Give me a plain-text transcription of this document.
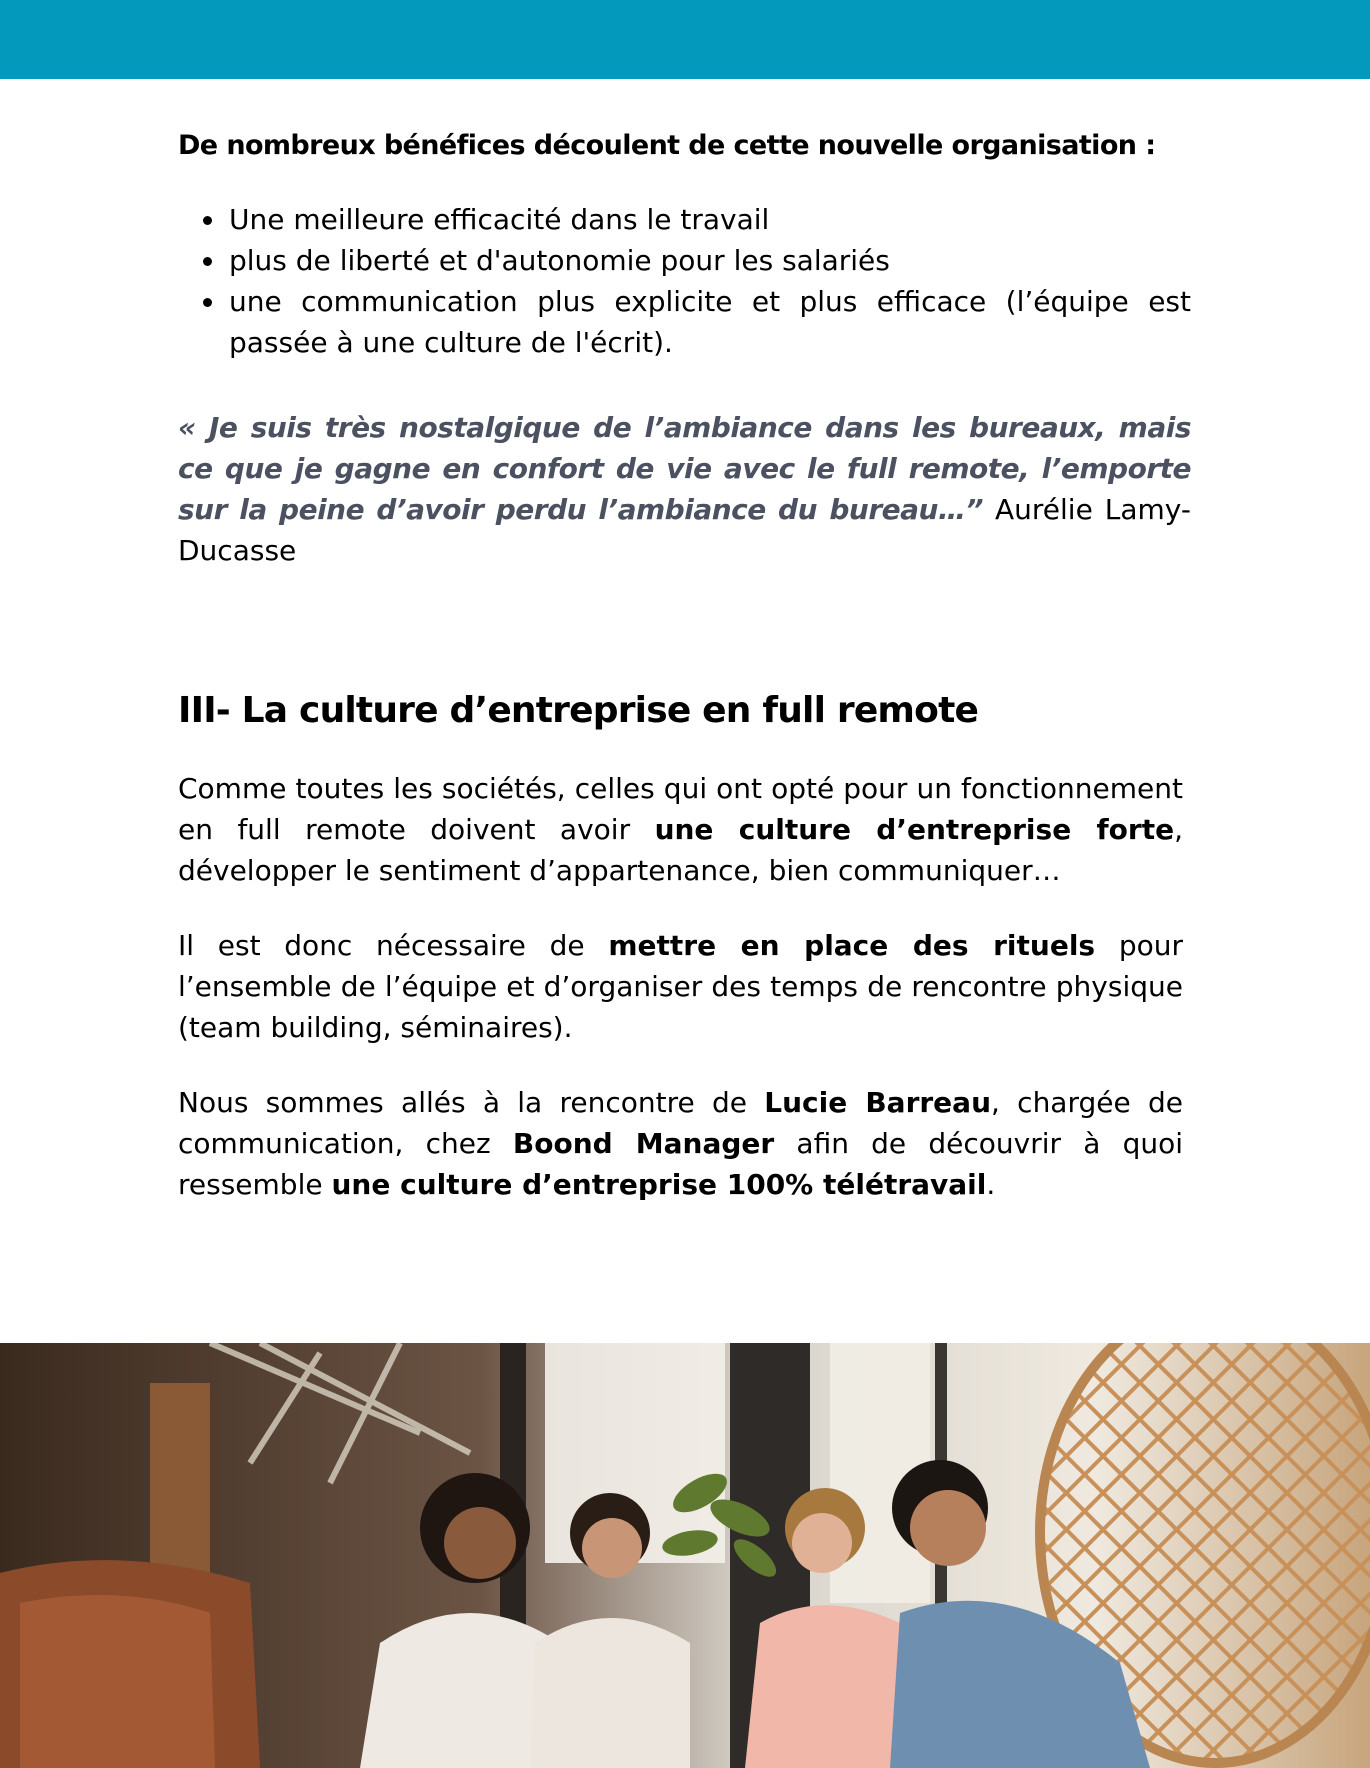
De nombreux bénéfices découlent de cette nouvelle organisation :

Une meilleure efficacité dans le travail
plus de liberté et d'autonomie pour les salariés
une communication plus explicite et plus efficace (l’équipe est passée à une culture de l'écrit).

« Je suis très nostalgique de l’ambiance dans les bureaux, mais ce que je gagne en confort de vie avec le full remote, l’emporte sur la peine d’avoir perdu l’ambiance du bureau…” Aurélie Lamy-Ducasse

III- La culture d’entreprise en full remote

Comme toutes les sociétés, celles qui ont opté pour un fonctionnement en full remote doivent avoir une culture d’entreprise forte, développer le sentiment d’appartenance, bien communiquer…

Il est donc nécessaire de mettre en place des rituels pour l’ensemble de l’équipe et d’organiser des temps de rencontre physique (team building, séminaires).

Nous sommes allés à la rencontre de Lucie Barreau, chargée de communication, chez Boond Manager afin de découvrir à quoi ressemble une culture d’entreprise 100% télétravail.
